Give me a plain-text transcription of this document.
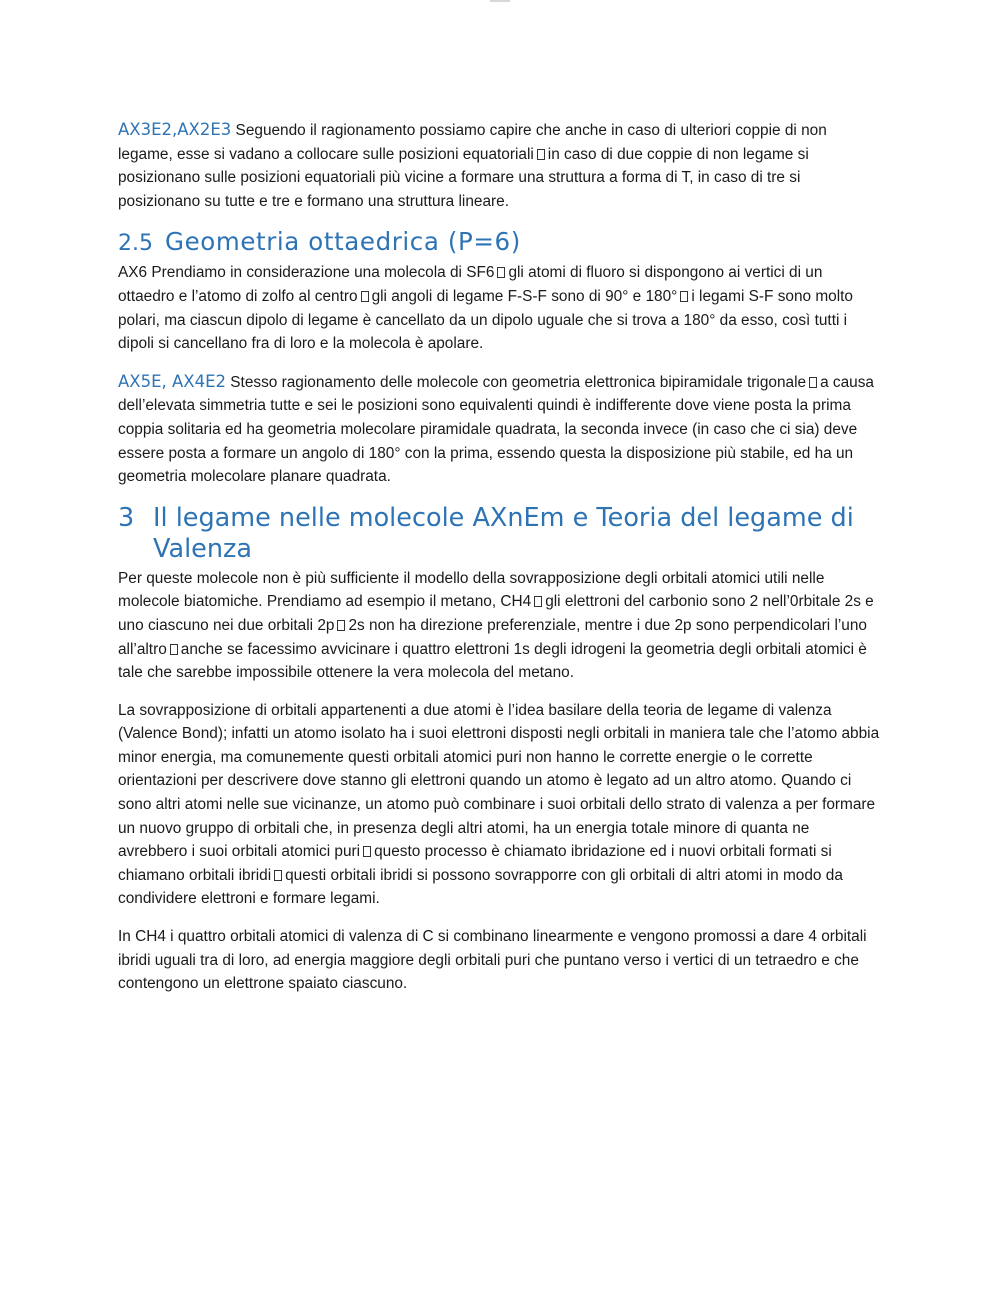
AX3E2,AX2E3 Seguendo il ragionamento possiamo capire che anche in caso di ulteriori coppie di non legame, esse si vadano a collocare sulle posizioni equatoriali in caso di due coppie di non legame si posizionano sulle posizioni equatoriali più vicine a formare una struttura a forma di T, in caso di tre si posizionano su tutte e tre e formano una struttura lineare.

2.5 Geometria ottaedrica (P=6)

AX6 Prendiamo in considerazione una molecola di SF6 gli atomi di fluoro si dispongono ai vertici di un ottaedro e l’atomo di zolfo al centro gli angoli di legame F-S-F sono di 90° e 180° i legami S-F sono molto polari, ma ciascun dipolo di legame è cancellato da un dipolo uguale che si trova a 180° da esso, così tutti i dipoli si cancellano fra di loro e la molecola è apolare.

AX5E, AX4E2 Stesso ragionamento delle molecole con geometria elettronica bipiramidale trigonale a causa dell’elevata simmetria tutte e sei le posizioni sono equivalenti quindi è indifferente dove viene posta la prima coppia solitaria ed ha geometria molecolare piramidale quadrata, la seconda invece (in caso che ci sia) deve essere posta a formare un angolo di 180° con la prima, essendo questa la disposizione più stabile, ed ha un geometria molecolare planare quadrata.

3 Il legame nelle molecole AXnEm e Teoria del legame di Valenza

Per queste molecole non è più sufficiente il modello della sovrapposizione degli orbitali atomici utili nelle molecole biatomiche. Prendiamo ad esempio il metano, CH4 gli elettroni del carbonio sono 2 nell’0rbitale 2s e uno ciascuno nei due orbitali 2p 2s non ha direzione preferenziale, mentre i due 2p sono perpendicolari l’uno all’altro anche se facessimo avvicinare i quattro elettroni 1s degli idrogeni la geometria degli orbitali atomici è tale che sarebbe impossibile ottenere la vera molecola del metano.

La sovrapposizione di orbitali appartenenti a due atomi è l’idea basilare della teoria de legame di valenza (Valence Bond); infatti un atomo isolato ha i suoi elettroni disposti negli orbitali in maniera tale che l’atomo abbia minor energia, ma comunemente questi orbitali atomici puri non hanno le corrette energie o le corrette orientazioni per descrivere dove stanno gli elettroni quando un atomo è legato ad un altro atomo. Quando ci sono altri atomi nelle sue vicinanze, un atomo può combinare i suoi orbitali dello strato di valenza a per formare un nuovo gruppo di orbitali che, in presenza degli altri atomi, ha un energia totale minore di quanta ne avrebbero i suoi orbitali atomici puri questo processo è chiamato ibridazione ed i nuovi orbitali formati si chiamano orbitali ibridi questi orbitali ibridi si possono sovrapporre con gli orbitali di altri atomi in modo da condividere elettroni e formare legami.

In CH4 i quattro orbitali atomici di valenza di C si combinano linearmente e vengono promossi a dare 4 orbitali ibridi uguali tra di loro, ad energia maggiore degli orbitali puri che puntano verso i vertici di un tetraedro e che contengono un elettrone spaiato ciascuno.
